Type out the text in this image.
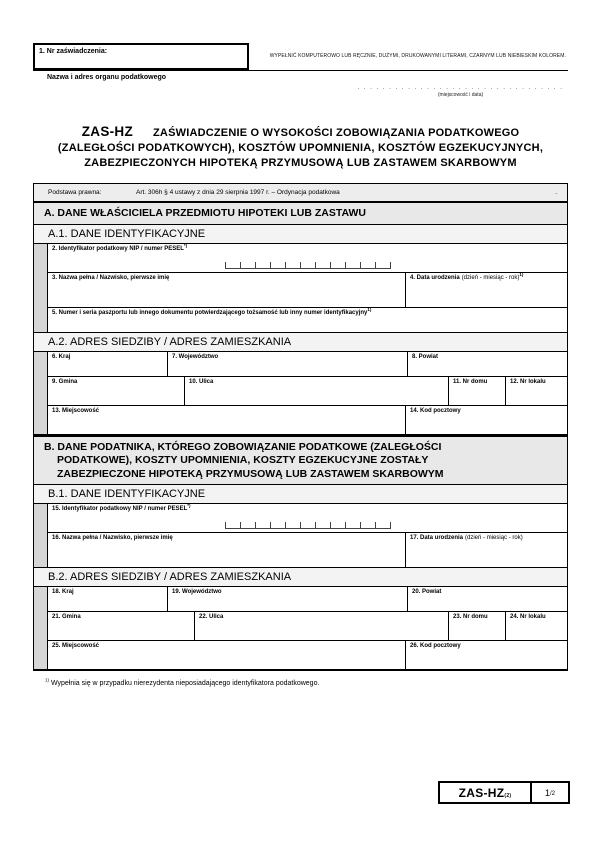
1. Nr zaświadczenia:
WYPEŁNIĆ KOMPUTEROWO LUB RĘCZNIE, DUŻYMI, DRUKOWANYMI LITERAMI, CZARNYM LUB NIEBIESKIM KOLOREM.
Nazwa i adres organu podatkowego
. . . . . . . . . . . . . . . . . . . . . . . . . . . . . . . . .
(miejscowość i data)
ZAS-HZ ZAŚWIADCZENIE O WYSOKOŚCI ZOBOWIĄZANIA PODATKOWEGO
(ZALEGŁOŚCI PODATKOWYCH), KOSZTÓW UPOMNIENIA, KOSZTÓW EGZEKUCYJNYCH,
ZABEZPIECZONYCH HIPOTEKĄ PRZYMUSOWĄ LUB ZASTAWEM SKARBOWYM
Podstawa prawna:	Art. 306h § 4 ustawy z dnia 29 sierpnia 1997 r. – Ordynacja podatkowa	.
A. DANE WŁAŚCICIELA PRZEDMIOTU HIPOTEKI LUB ZASTAWU
A.1. DANE IDENTYFIKACYJNE
2. Identyfikator podatkowy NIP / numer PESEL*)
3. Nazwa pełna / Nazwisko, pierwsze imię	4. Data urodzenia (dzień - miesiąc - rok)$^{1)}$
5. Numer i seria paszportu lub innego dokumentu potwierdzającego tożsamość lub inny numer identyfikacyjny$^{1)}$
A.2. ADRES SIEDZIBY / ADRES ZAMIESZKANIA
6. Kraj	7. Województwo	8. Powiat
9. Gmina	10. Ulica	11. Nr domu	12. Nr lokalu
13. Miejscowość	14. Kod pocztowy
B. DANE PODATNIKA, KTÓREGO ZOBOWIĄZANIE PODATKOWE (ZALEGŁOŚCI
PODATKOWE), KOSZTY UPOMNIENIA, KOSZTY EGZEKUCYJNE ZOSTAŁY
ZABEZPIECZONE HIPOTEKĄ PRZYMUSOWĄ LUB ZASTAWEM SKARBOWYM
B.1. DANE IDENTYFIKACYJNE
15. Identyfikator podatkowy NIP / numer PESEL*)
16. Nazwa pełna / Nazwisko, pierwsze imię	17. Data urodzenia (dzień - miesiąc - rok)
B.2. ADRES SIEDZIBY / ADRES ZAMIESZKANIA
18. Kraj	19. Województwo	20. Powiat
21. Gmina	22. Ulica	23. Nr domu	24. Nr lokalu
25. Miejscowość	26. Kod pocztowy
$^{1)}$ Wypełnia się w przypadku nierezydenta nieposiadającego identyfikatora podatkowego.
ZAS-HZ (2)	1 /2
